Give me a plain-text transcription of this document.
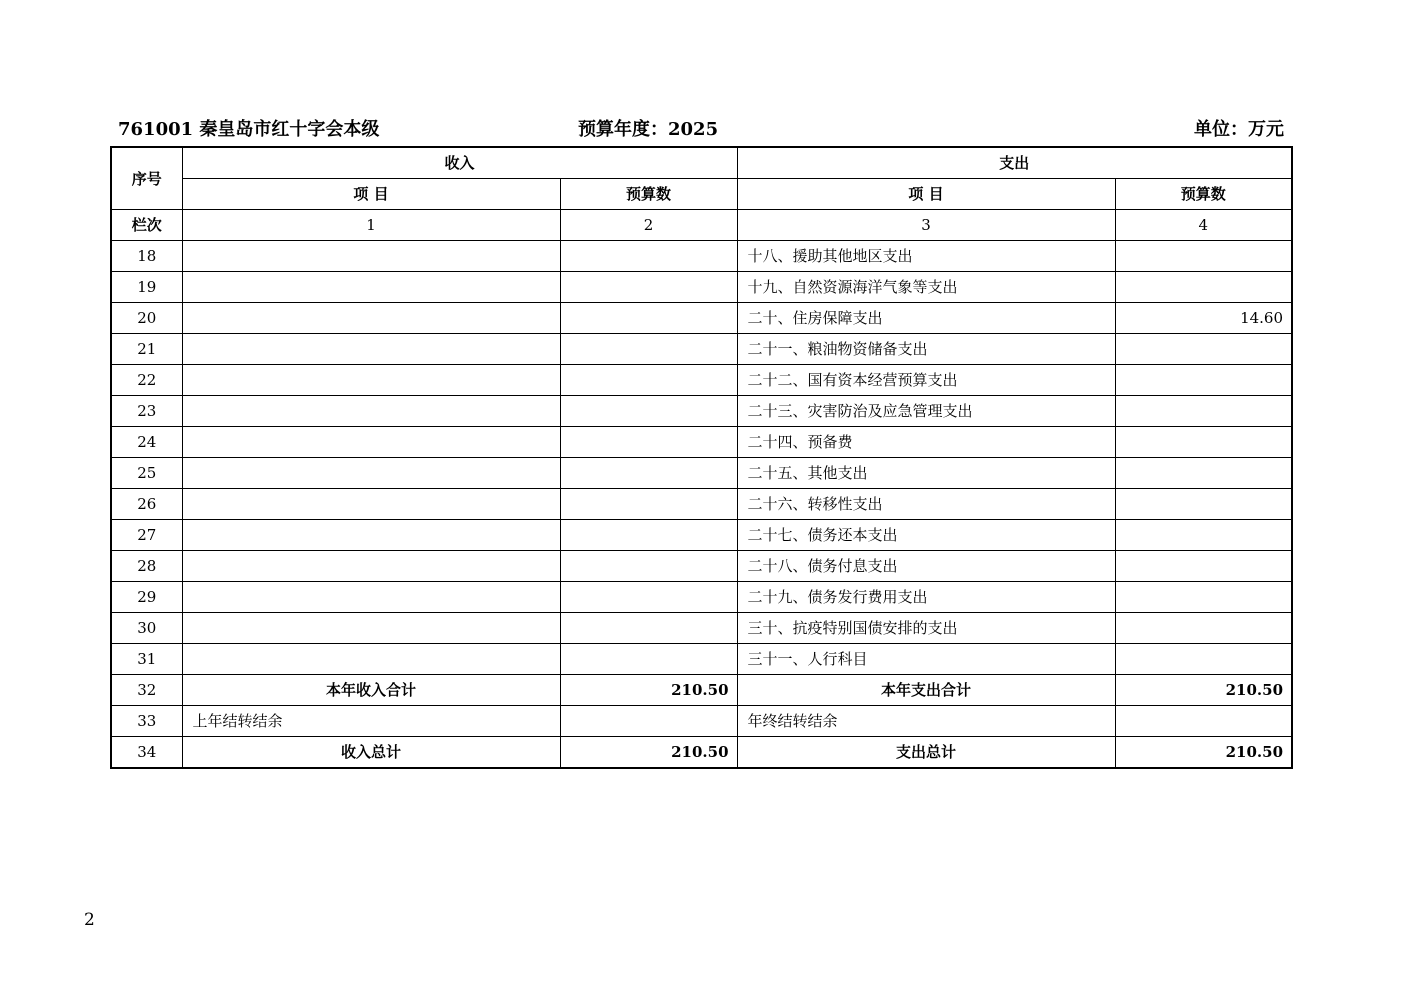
761001 秦皇岛市红十字会本级	预算年度：2025	单位：万元
序号	收入		支出	
	项 目	预算数	项 目	预算数
栏次	1	2	3	4
18			十八、援助其他地区支出	
19			十九、自然资源海洋气象等支出	
20			二十、住房保障支出	14.60
21			二十一、粮油物资储备支出	
22			二十二、国有资本经营预算支出	
23			二十三、灾害防治及应急管理支出	
24			二十四、预备费	
25			二十五、其他支出	
26			二十六、转移性支出	
27			二十七、债务还本支出	
28			二十八、债务付息支出	
29			二十九、债务发行费用支出	
30			三十、抗疫特别国债安排的支出	
31			三十一、人行科目	
32	本年收入合计	210.50	本年支出合计	210.50
33	上年结转结余		年终结转结余	
34	收入总计	210.50	支出总计	210.50
2
